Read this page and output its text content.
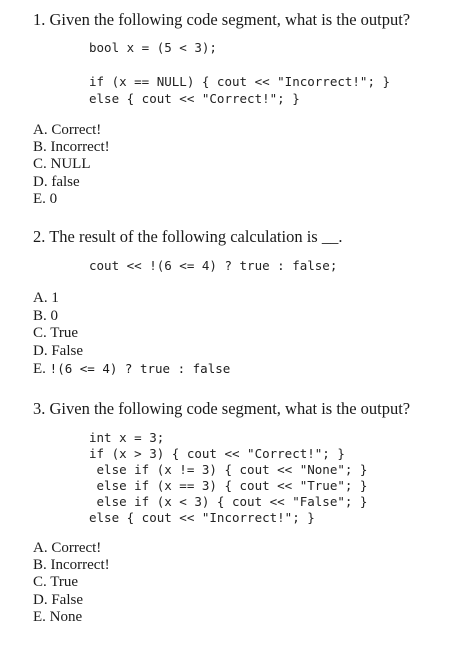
1. Given the following code segment, what is the output?
bool x = (5 < 3);
if (x == NULL) { cout << "Incorrect!"; }
else { cout << "Correct!"; }
A. Correct!
B. Incorrect!
C. NULL
D. false
E. 0
2. The result of the following calculation is __.
cout << !(6 <= 4) ? true : false;
A. 1
B. 0
C. True
D. False
E. !(6 <= 4) ? true : false
3. Given the following code segment, what is the output?
int x = 3;
if (x > 3) { cout << "Correct!"; }
else if (x != 3) { cout << "None"; }
else if (x == 3) { cout << "True"; }
else if (x < 3) { cout << "False"; }
else { cout << "Incorrect!"; }
A. Correct!
B. Incorrect!
C. True
D. False
E. None
